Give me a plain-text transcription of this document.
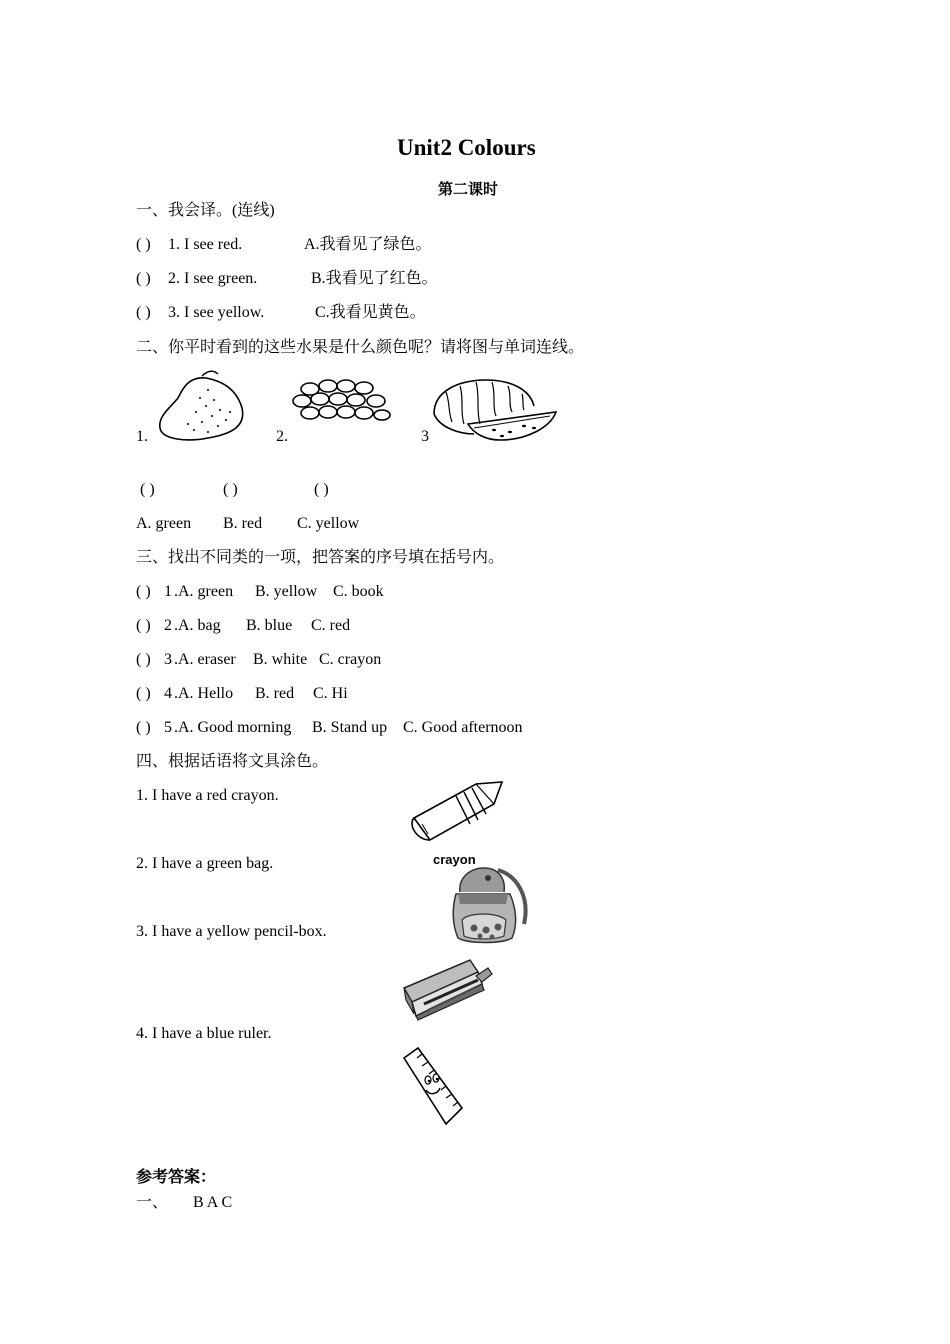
Unit2 Colours
第二课时
一、我会译。(连线)
( ) 1. I see red.	A.我看见了绿色。
( ) 2. I see green.	B.我看见了红色。
( ) 3. I see yellow.	C.我看见黄色。
二、你平时看到的这些水果是什么颜色呢？请将图与单词连线。
1.	2.	3
( )	( )	( )
A. green B. red C. yellow
三、找出不同类的一项，把答案的序号填在括号内。
( ) 1 .A. green B. yellow C. book
( ) 2 .A. bag B. blue C. red
( ) 3 .A. eraser B. white C. crayon
( ) 4 .A. Hello B. red C. Hi
( ) 5 .A. Good morning B. Stand up C. Good afternoon
四、根据话语将文具涂色。
1. I have a red crayon.
2. I have a green bag.
3. I have a yellow pencil-box.
4. I have a blue ruler.
crayon
参考答案：
一、 B A C
